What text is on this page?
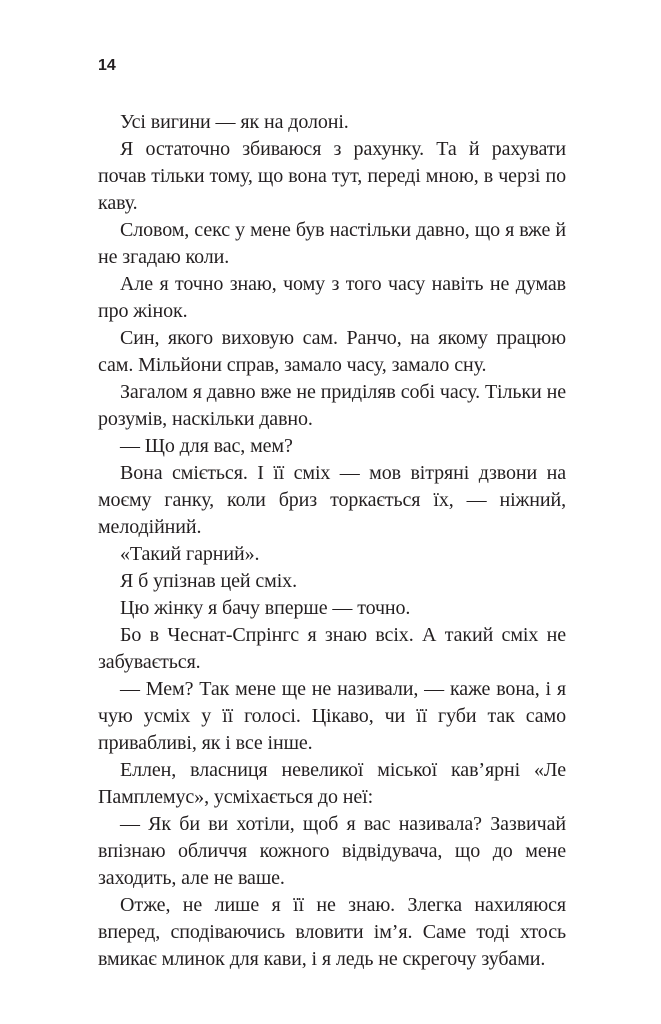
14

Усі вигини — як на долоні.

Я остаточно збиваюся з рахунку. Та й рахувати почав тільки тому, що вона тут, переді мною, в черзі по каву.

Словом, секс у мене був настільки давно, що я вже й не згадаю коли.

Але я точно знаю, чому з того часу навіть не думав про жінок.

Син, якого виховую сам. Ранчо, на якому працюю сам. Мільйони справ, замало часу, замало сну.

Загалом я давно вже не приділяв собі часу. Тільки не розумів, наскільки давно.

— Що для вас, мем?

Вона сміється. І її сміх — мов вітряні дзвони на моєму ганку, коли бриз торкається їх, — ніжний, мелодійний.

«Такий гарний».

Я б упізнав цей сміх.

Цю жінку я бачу вперше — точно.

Бо в Чеснат-Спрінгс я знаю всіх. А такий сміх не забувається.

— Мем? Так мене ще не називали, — каже вона, і я чую усміх у її голосі. Цікаво, чи її губи так само привабливі, як і все інше.

Еллен, власниця невеликої міської кав’ярні «Ле Памплемус», усміхається до неї:

— Як би ви хотіли, щоб я вас називала? Зазвичай впізнаю обличчя кожного відвідувача, що до мене заходить, але не ваше.

Отже, не лише я її не знаю. Злегка нахиляюся вперед, сподіваючись вловити ім’я. Саме тоді хтось вмикає млинок для кави, і я ледь не скрегочу зубами.
